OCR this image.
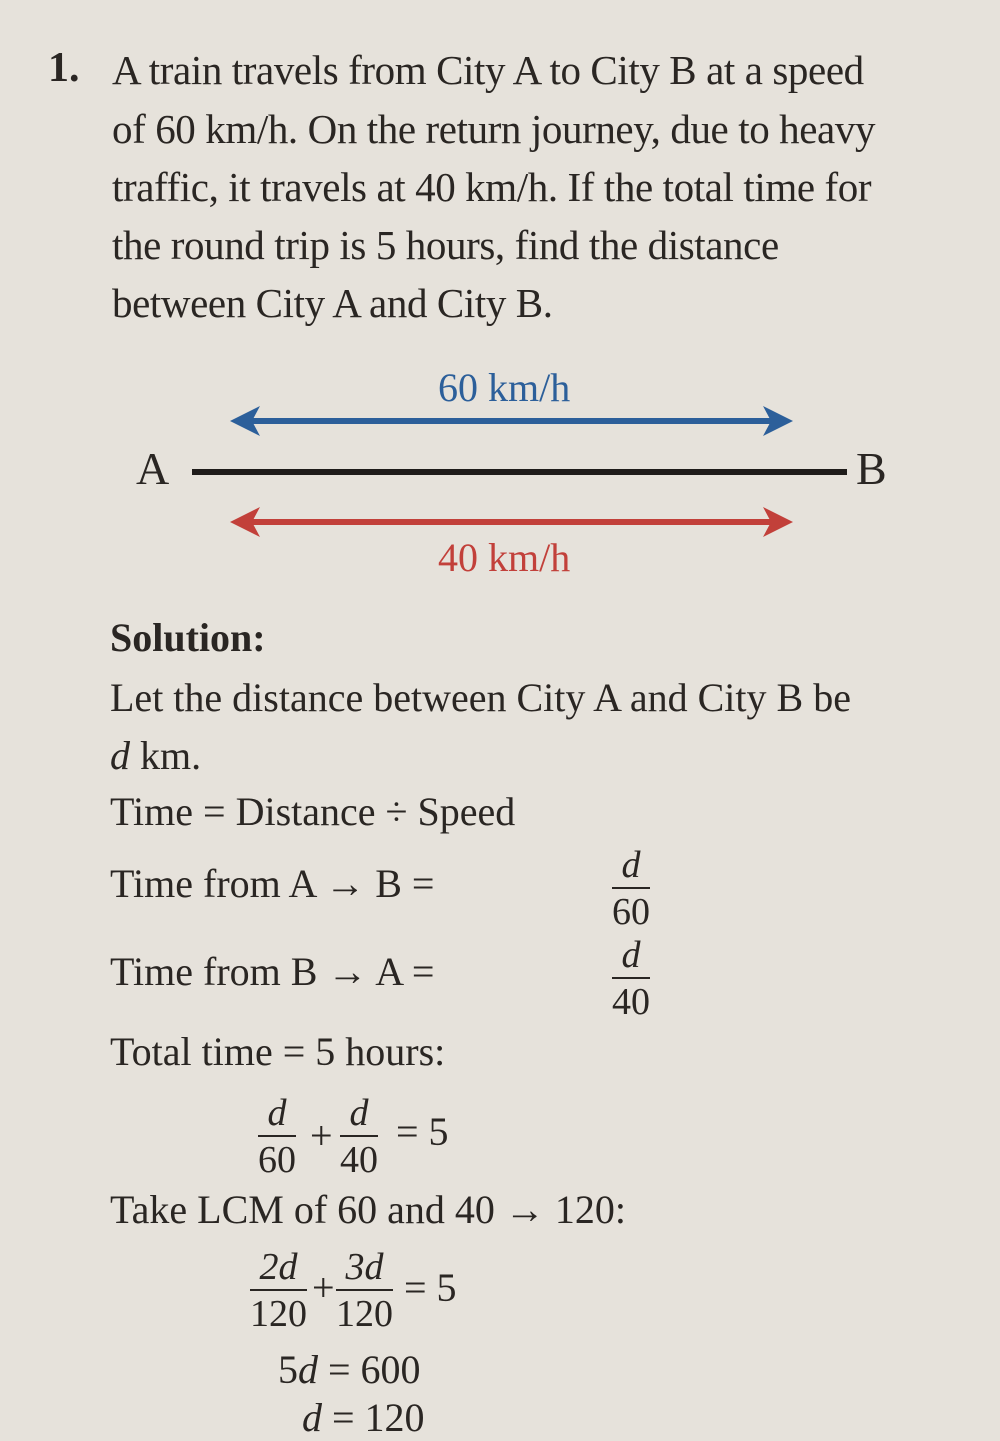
1. A train travels from City A to City B at a speed
of 60 km/h. On the return journey, due to heavy
traffic, it travels at 40 km/h. If the total time for
the round trip is 5 hours, find the distance
between City A and City B.
60 km/h
A	B
40 km/h
Solution:
Let the distance between City A and City B be
d km.
Time = Distance ÷ Speed
Time from A → B =	d
60
Time from B → A =	d
40
Total time = 5 hours:
d
60
+ d
40
= 5
Take LCM of 60 and 40 → 120:
2d
120
+ 3d
120
= 5
5d = 600
d = 120
